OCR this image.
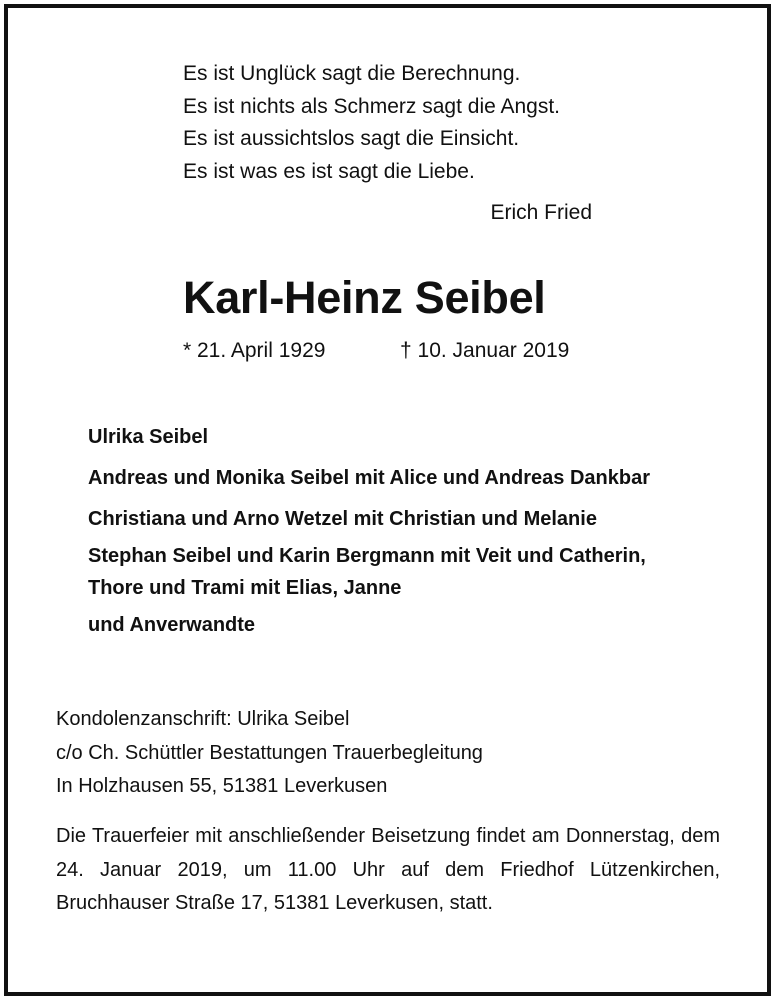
Es ist Unglück sagt die Berechnung.
Es ist nichts als Schmerz sagt die Angst.
Es ist aussichtslos sagt die Einsicht.
Es ist was es ist sagt die Liebe.
Erich Fried
Karl-Heinz Seibel
* 21. April 1929	† 10. Januar 2019
Ulrika Seibel
Andreas und Monika Seibel mit Alice und Andreas Dankbar
Christiana und Arno Wetzel mit Christian und Melanie
Stephan Seibel und Karin Bergmann mit Veit und Catherin,
Thore und Trami mit Elias, Janne
und Anverwandte
Kondolenzanschrift: Ulrika Seibel
c/o Ch. Schüttler Bestattungen Trauerbegleitung
In Holzhausen 55, 51381 Leverkusen
Die Trauerfeier mit anschließender Beisetzung findet am Donnerstag, dem 24. Januar 2019, um 11.00 Uhr auf dem Friedhof Lützenkirchen, Bruchhauser Straße 17, 51381 Leverkusen, statt.
